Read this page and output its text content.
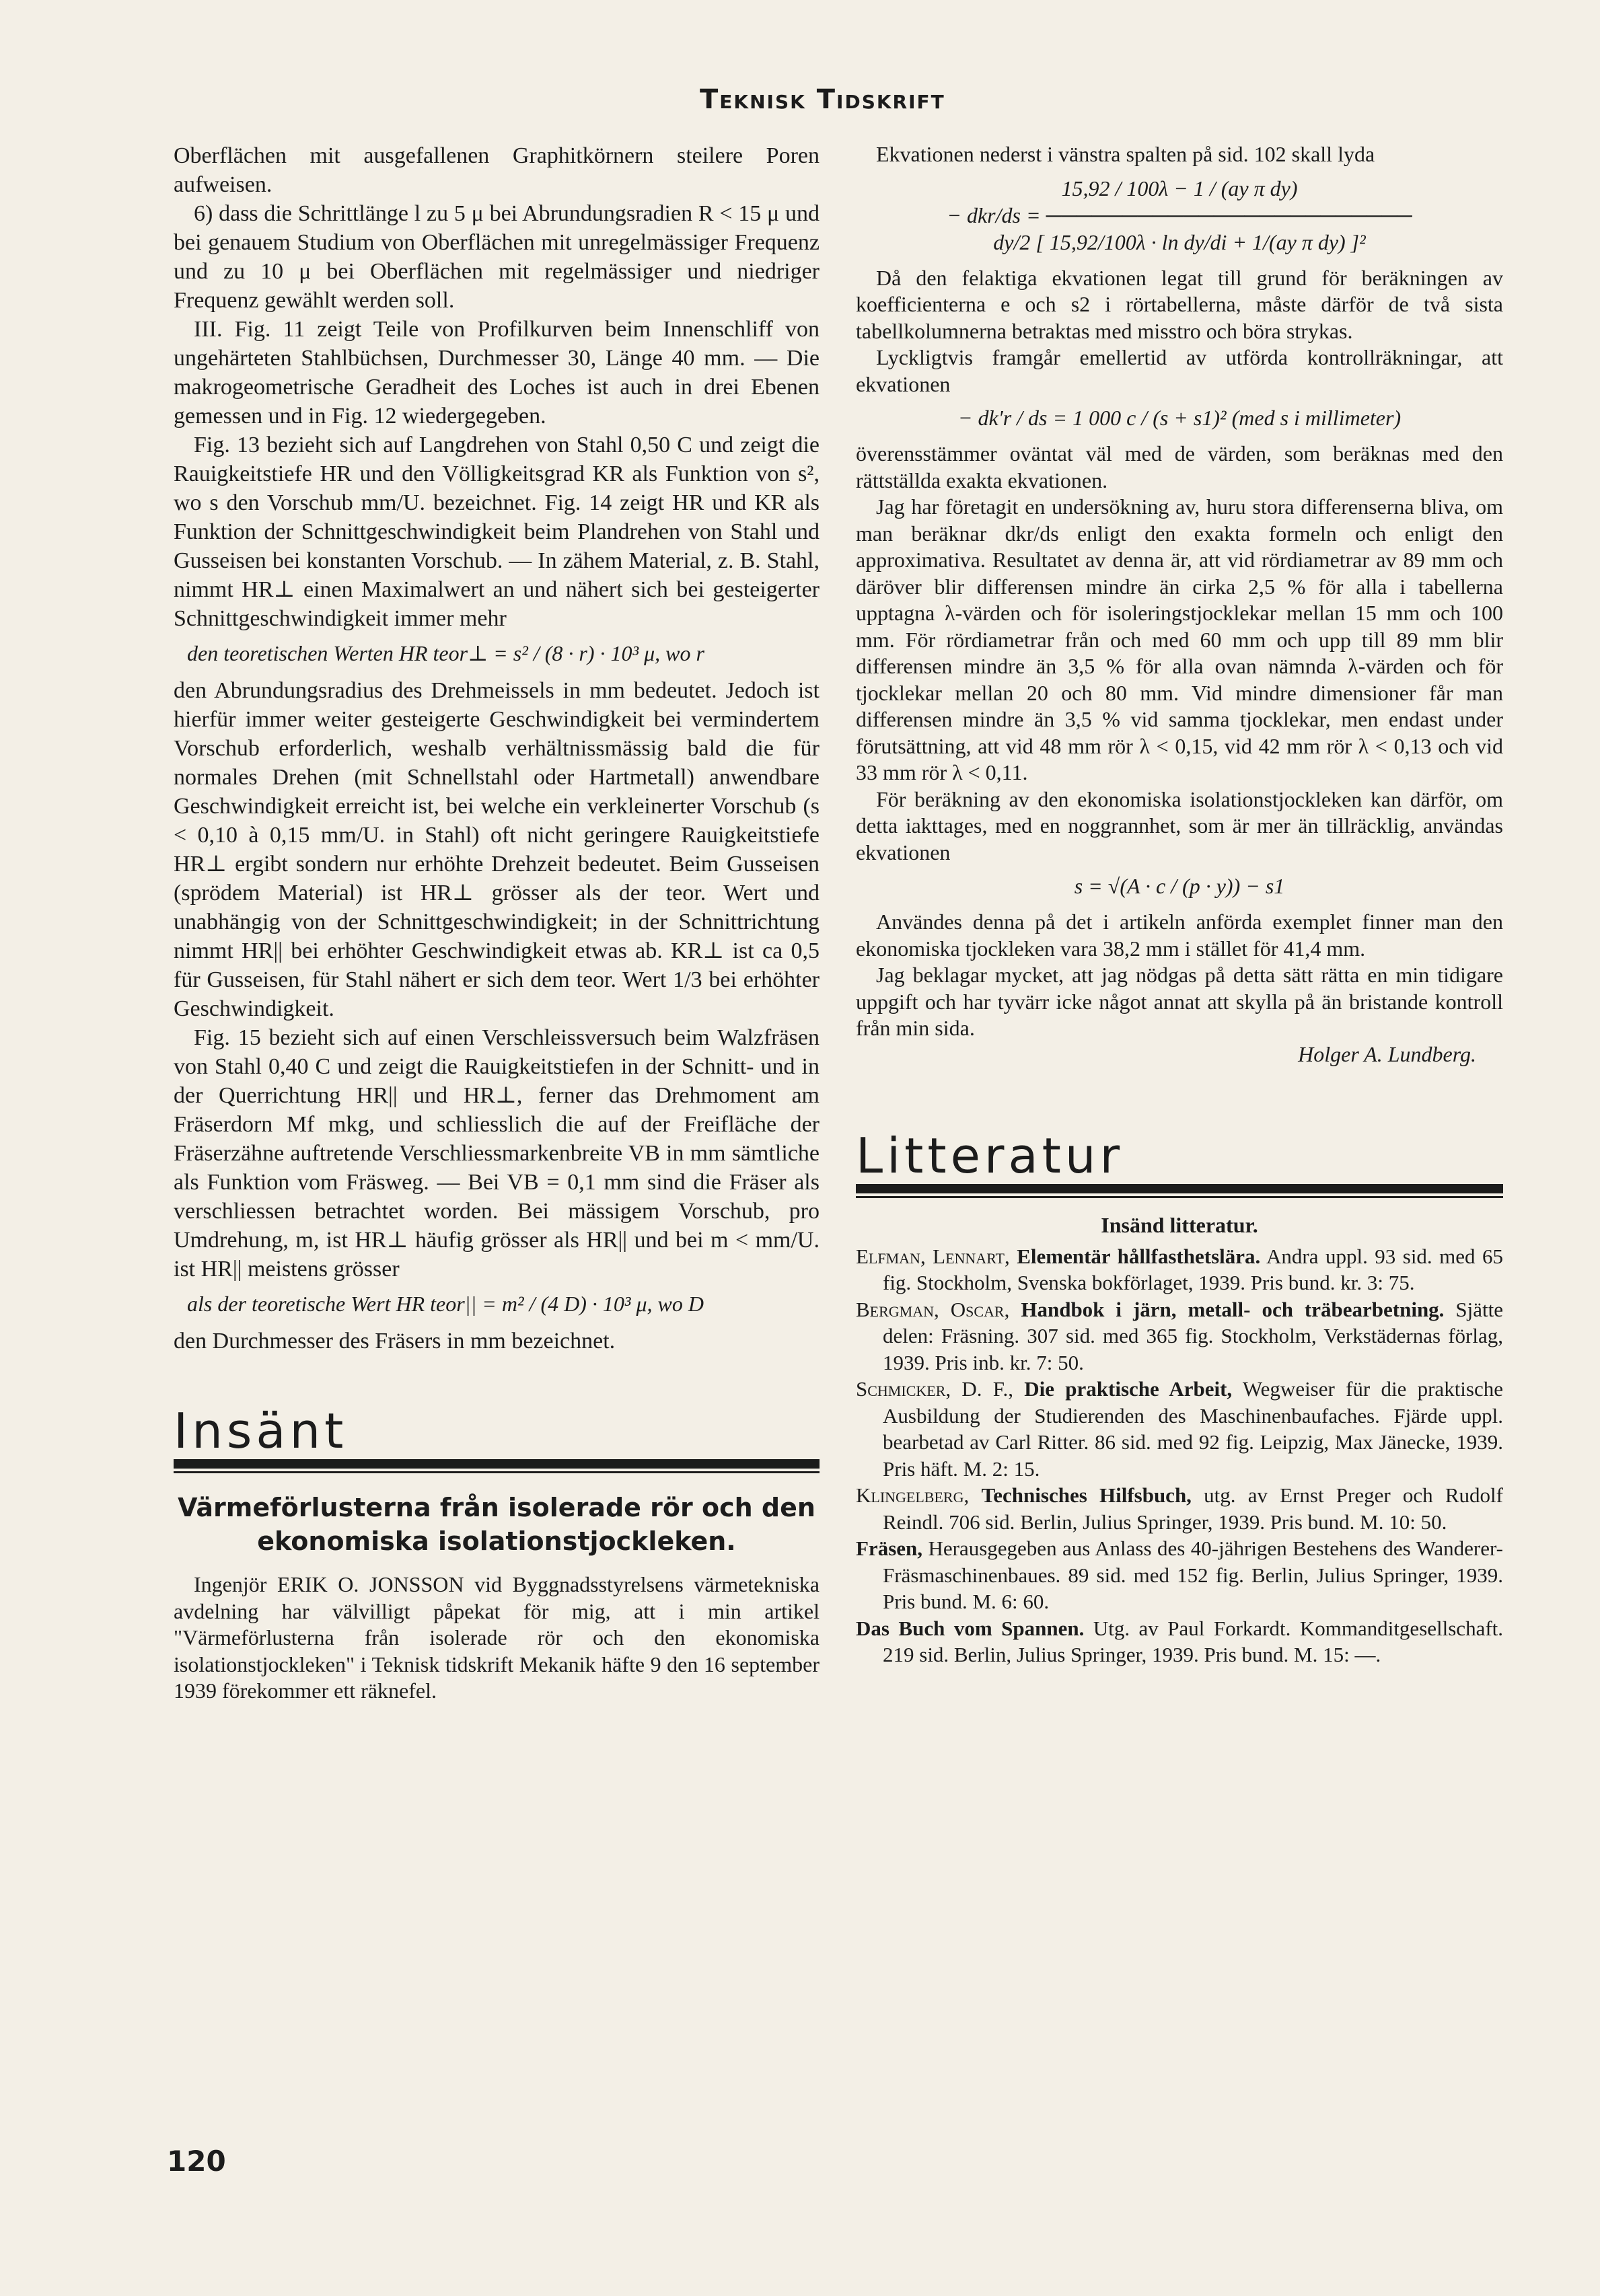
Teknisk Tidskrift

Oberflächen mit ausgefallenen Graphitkörnern steilere Poren aufweisen.

6) dass die Schrittlänge l zu 5 μ bei Abrundungsradien R < 15 μ und bei genauem Studium von Oberflächen mit unregelmässiger Frequenz und zu 10 μ bei Oberflächen mit regelmässiger und niedriger Frequenz gewählt werden soll.

III. Fig. 11 zeigt Teile von Profilkurven beim Innenschliff von ungehärteten Stahlbüchsen, Durchmesser 30, Länge 40 mm. — Die makrogeometrische Geradheit des Loches ist auch in drei Ebenen gemessen und in Fig. 12 wiedergegeben.

Fig. 13 bezieht sich auf Langdrehen von Stahl 0,50 C und zeigt die Rauigkeitstiefe HR und den Völligkeitsgrad KR als Funktion von s², wo s den Vorschub mm/U. bezeichnet. Fig. 14 zeigt HR und KR als Funktion der Schnittgeschwindigkeit beim Plandrehen von Stahl und Gusseisen bei konstanten Vorschub. — In zähem Material, z. B. Stahl, nimmt HR⊥ einen Maximalwert an und nähert sich bei gesteigerter Schnittgeschwindigkeit immer mehr

den teoretischen Werten HR teor⊥ = s² / (8 · r) · 10³ μ, wo r

den Abrundungsradius des Drehmeissels in mm bedeutet. Jedoch ist hierfür immer weiter gesteigerte Geschwindigkeit bei vermindertem Vorschub erforderlich, weshalb verhältnissmässig bald die für normales Drehen (mit Schnellstahl oder Hartmetall) anwendbare Geschwindigkeit erreicht ist, bei welche ein verkleinerter Vorschub (s < 0,10 à 0,15 mm/U. in Stahl) oft nicht geringere Rauigkeitstiefe HR⊥ ergibt sondern nur erhöhte Drehzeit bedeutet. Beim Gusseisen (sprödem Material) ist HR⊥ grösser als der teor. Wert und unabhängig von der Schnittgeschwindigkeit; in der Schnittrichtung nimmt HR|| bei erhöhter Geschwindigkeit etwas ab. KR⊥ ist ca 0,5 für Gusseisen, für Stahl nähert er sich dem teor. Wert 1/3 bei erhöhter Geschwindigkeit.

Fig. 15 bezieht sich auf einen Verschleissversuch beim Walzfräsen von Stahl 0,40 C und zeigt die Rauigkeitstiefen in der Schnitt- und in der Querrichtung HR|| und HR⊥, ferner das Drehmoment am Fräserdorn Mf mkg, und schliesslich die auf der Freifläche der Fräserzähne auftretende Verschliessmarkenbreite VB in mm sämtliche als Funktion vom Fräsweg. — Bei VB = 0,1 mm sind die Fräser als verschliessen betrachtet worden. Bei mässigem Vorschub, pro Umdrehung, m, ist HR⊥ häufig grösser als HR|| und bei m < mm/U. ist HR|| meistens grösser

als der teoretische Wert HR teor|| = m² / (4 D) · 10³ μ, wo D

den Durchmesser des Fräsers in mm bezeichnet.

Insänt
Värmeförlusterna från isolerade rör och den ekonomiska isolationstjockleken.

Ingenjör ERIK O. JONSSON vid Byggnadsstyrelsens värmetekniska avdelning har välvilligt påpekat för mig, att i min artikel "Värmeförlusterna från isolerade rör och den ekonomiska isolationstjockleken" i Teknisk tidskrift Mekanik häfte 9 den 16 september 1939 förekommer ett räknefel.

Ekvationen nederst i vänstra spalten på sid. 102 skall lyda

15,92 / 100λ − 1 / (ay π dy)
− dkr/ds = ────────────────────────
dy/2 [ 15,92/100λ · ln dy/di + 1/(ay π dy) ]²

Då den felaktiga ekvationen legat till grund för beräkningen av koefficienterna e och s2 i rörtabellerna, måste därför de två sista tabellkolumnerna betraktas med misstro och böra strykas.

Lyckligtvis framgår emellertid av utförda kontrollräkningar, att ekvationen

− dk′r / ds = 1 000 c / (s + s1)² (med s i millimeter)

överensstämmer oväntat väl med de värden, som beräknas med den rättställda exakta ekvationen.

Jag har företagit en undersökning av, huru stora differenserna bliva, om man beräknar dkr/ds enligt den exakta formeln och enligt den approximativa. Resultatet av denna är, att vid rördiametrar av 89 mm och däröver blir differensen mindre än cirka 2,5 % för alla i tabellerna upptagna λ-värden och för isoleringstjocklekar mellan 15 mm och 100 mm. För rördiametrar från och med 60 mm och upp till 89 mm blir differensen mindre än 3,5 % för alla ovan nämnda λ-värden och för tjocklekar mellan 20 och 80 mm. Vid mindre dimensioner får man differensen mindre än 3,5 % vid samma tjocklekar, men endast under förutsättning, att vid 48 mm rör λ < 0,15, vid 42 mm rör λ < 0,13 och vid 33 mm rör λ < 0,11.

För beräkning av den ekonomiska isolationstjockleken kan därför, om detta iakttages, med en noggrannhet, som är mer än tillräcklig, användas ekvationen

s = √(A · c / (p · y)) − s1

Användes denna på det i artikeln anförda exemplet finner man den ekonomiska tjockleken vara 38,2 mm i stället för 41,4 mm.

Jag beklagar mycket, att jag nödgas på detta sätt rätta en min tidigare uppgift och har tyvärr icke något annat att skylla på än bristande kontroll från min sida.

Holger A. Lundberg.

Litteratur
Insänd litteratur.

Elfman, Lennart, Elementär hållfasthetslära. Andra uppl. 93 sid. med 65 fig. Stockholm, Svenska bokförlaget, 1939. Pris bund. kr. 3: 75.

Bergman, Oscar, Handbok i järn, metall- och träbearbetning. Sjätte delen: Fräsning. 307 sid. med 365 fig. Stockholm, Verkstädernas förlag, 1939. Pris inb. kr. 7: 50.

Schmicker, D. F., Die praktische Arbeit, Wegweiser für die praktische Ausbildung der Studierenden des Maschinenbaufaches. Fjärde uppl. bearbetad av Carl Ritter. 86 sid. med 92 fig. Leipzig, Max Jänecke, 1939. Pris häft. M. 2: 15.

Klingelberg, Technisches Hilfsbuch, utg. av Ernst Preger och Rudolf Reindl. 706 sid. Berlin, Julius Springer, 1939. Pris bund. M. 10: 50.

Fräsen, Herausgegeben aus Anlass des 40-jährigen Bestehens des Wanderer-Fräsmaschinenbaues. 89 sid. med 152 fig. Berlin, Julius Springer, 1939. Pris bund. M. 6: 60.

Das Buch vom Spannen. Utg. av Paul Forkardt. Kommanditgesellschaft. 219 sid. Berlin, Julius Springer, 1939. Pris bund. M. 15: —.

120
